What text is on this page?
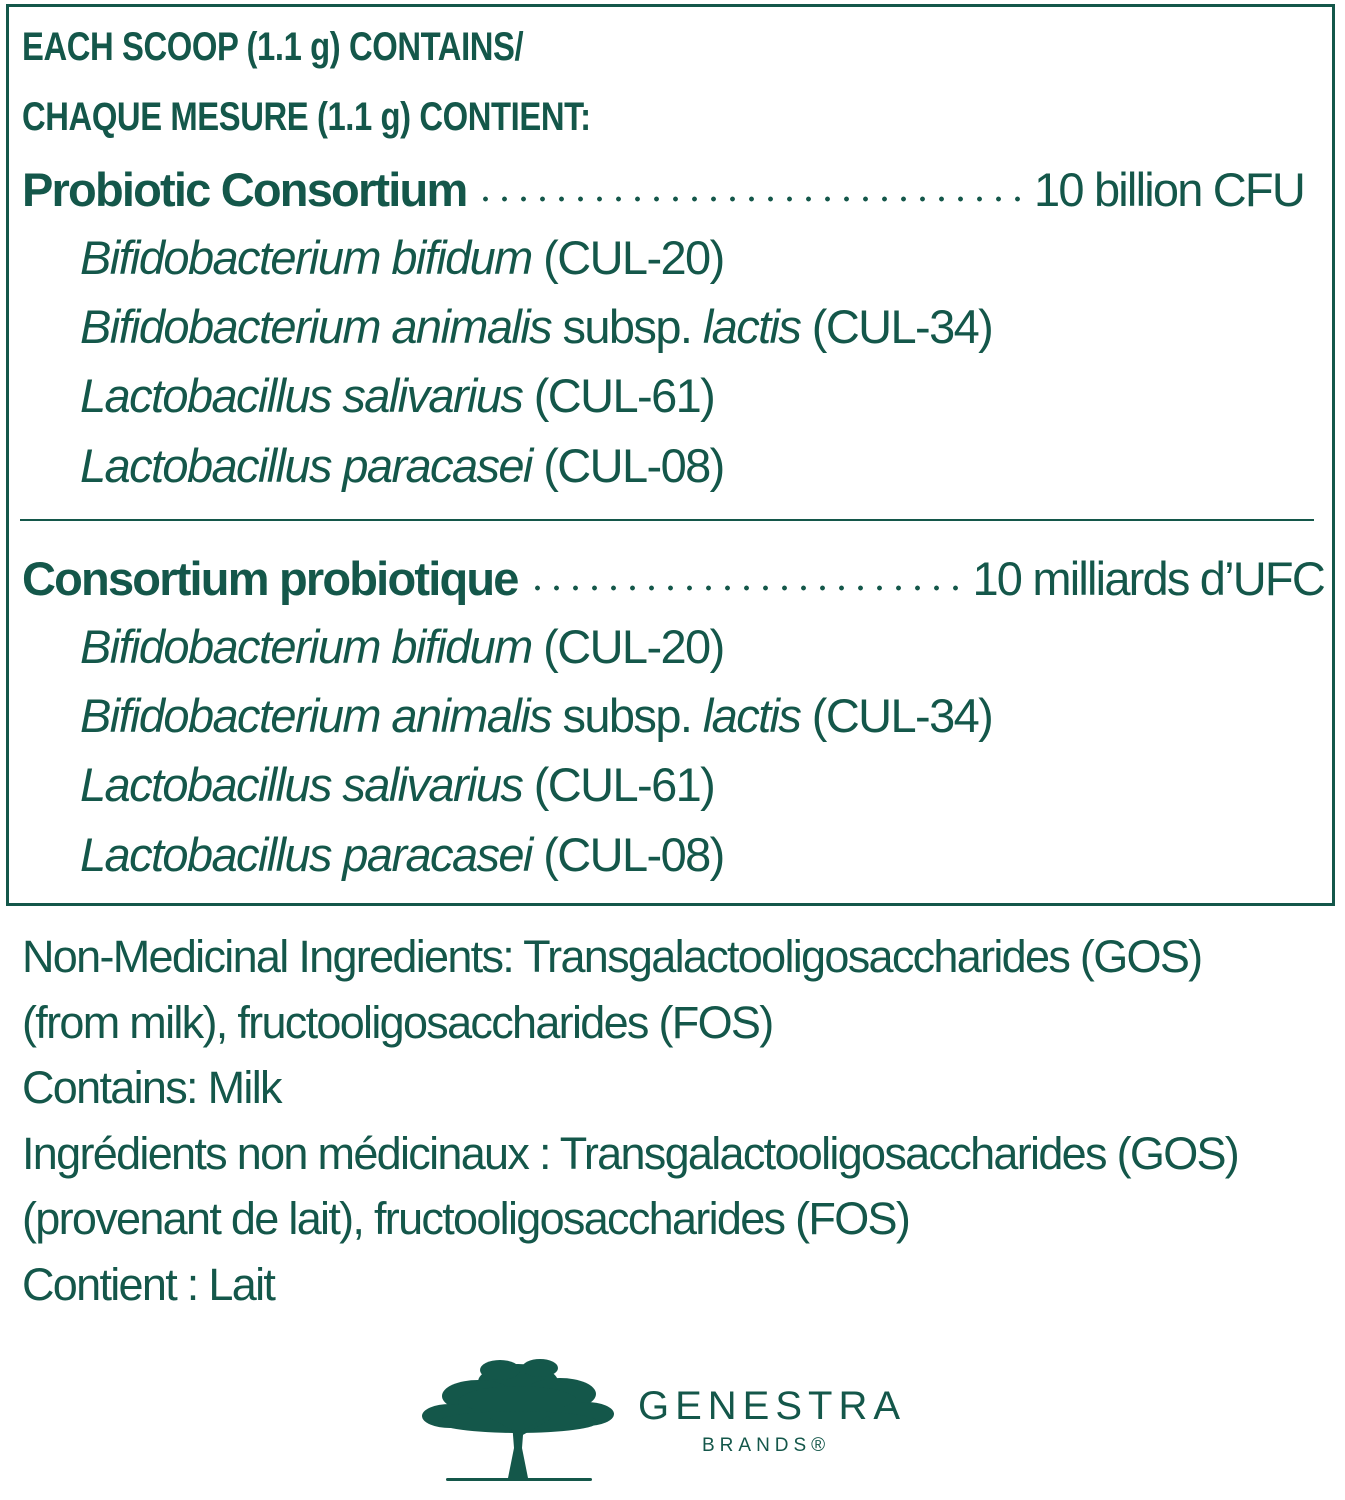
EACH SCOOP (1.1 g) CONTAINS/
CHAQUE MESURE (1.1 g) CONTIENT:
Probiotic Consortium	10 billion CFU
Bifidobacterium bifidum (CUL-20)
Bifidobacterium animalis subsp. lactis (CUL-34)
Lactobacillus salivarius (CUL-61)
Lactobacillus paracasei (CUL-08)
Consortium probiotique	10 milliards d’UFC
Bifidobacterium bifidum (CUL-20)
Bifidobacterium animalis subsp. lactis (CUL-34)
Lactobacillus salivarius (CUL-61)
Lactobacillus paracasei (CUL-08)
Non-Medicinal Ingredients: Transgalactooligosaccharides (GOS)
(from milk), fructooligosaccharides (FOS)
Contains: Milk
Ingrédients non médicinaux : Transgalactooligosaccharides (GOS)
(provenant de lait), fructooligosaccharides (FOS)
Contient : Lait
GENESTRA
BRANDS®
